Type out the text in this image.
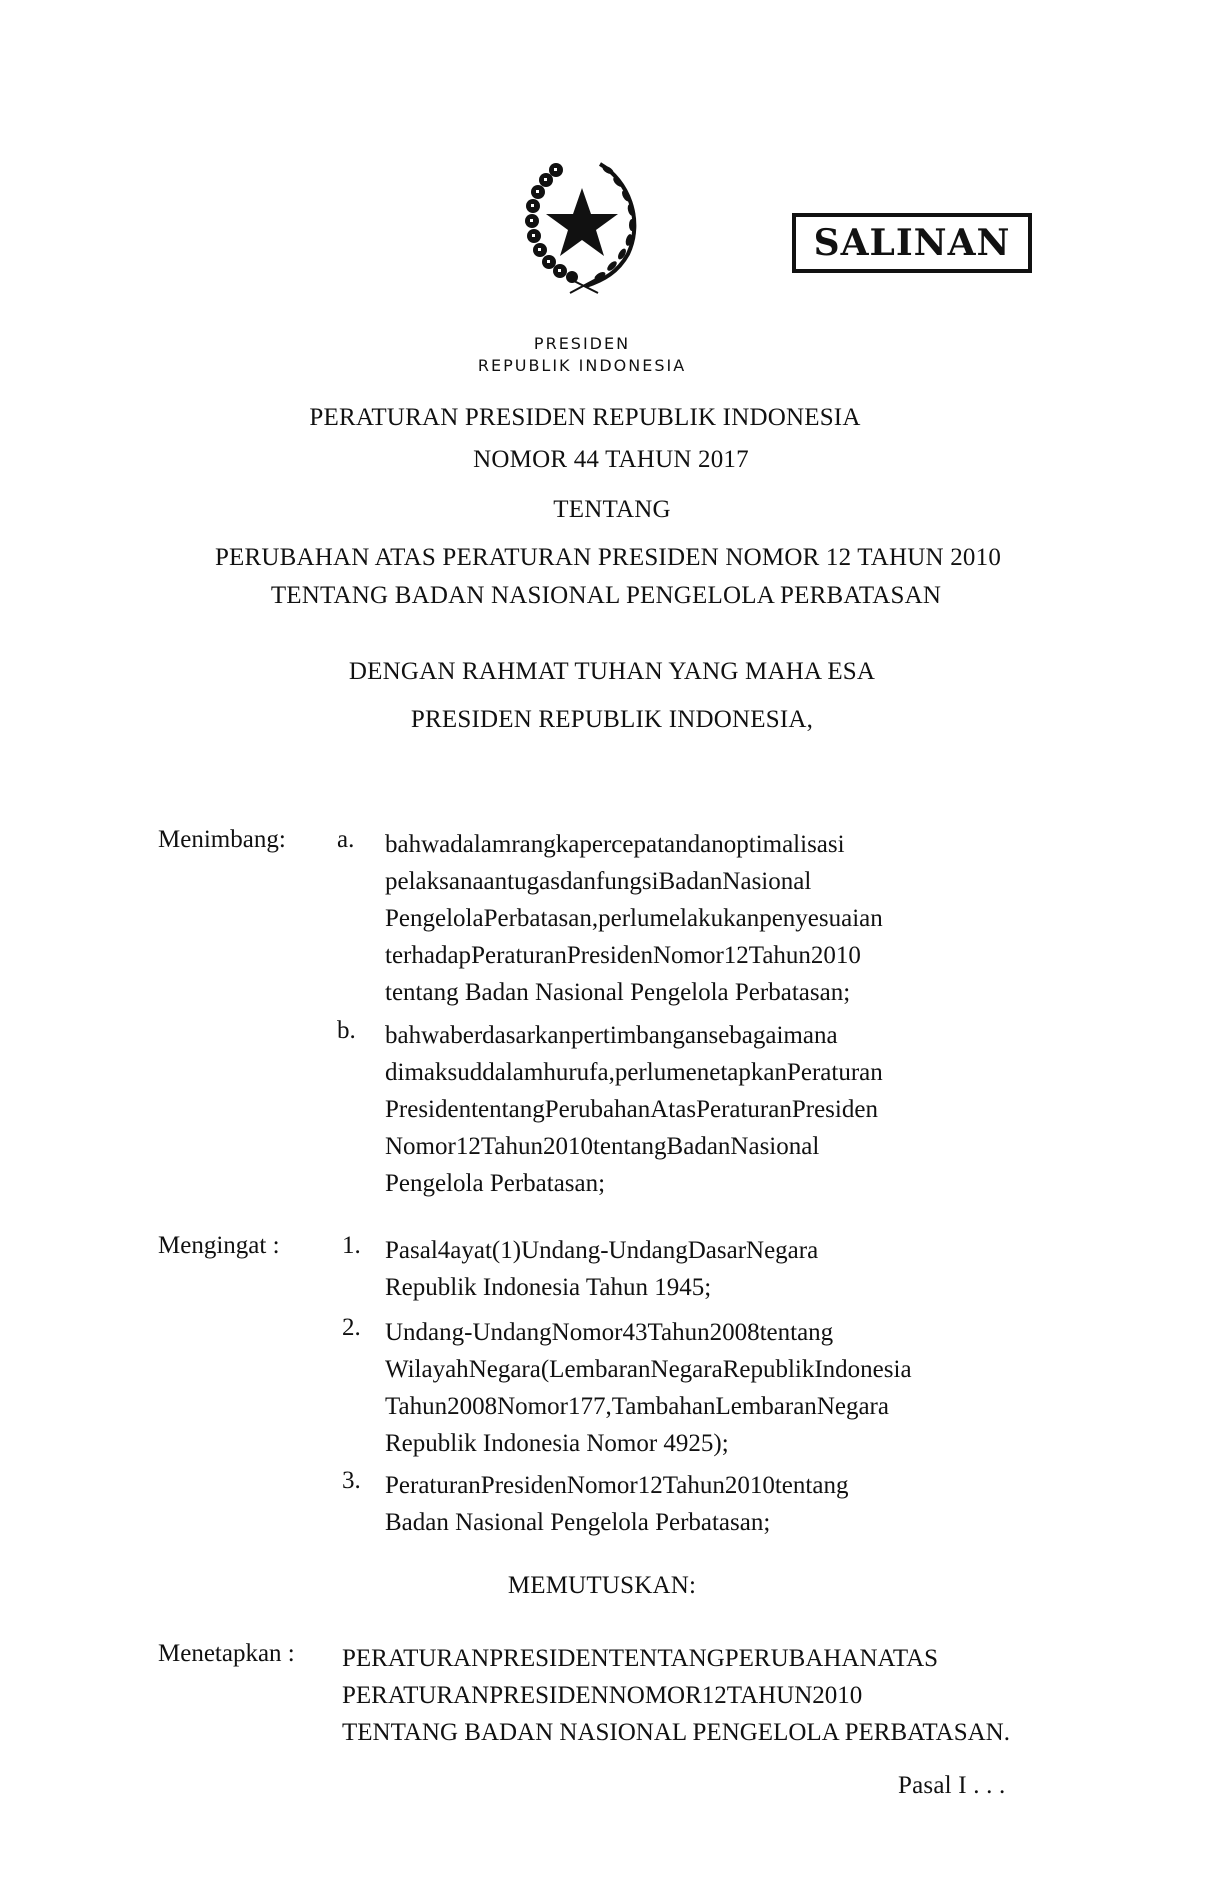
SALINAN
PRESIDEN
REPUBLIK INDONESIA
PERATURAN PRESIDEN REPUBLIK INDONESIA
NOMOR 44 TAHUN 2017
TENTANG
PERUBAHAN ATAS PERATURAN PRESIDEN NOMOR 12 TAHUN 2010
TENTANG BADAN NASIONAL PENGELOLA PERBATASAN
DENGAN RAHMAT TUHAN YANG MAHA ESA
PRESIDEN REPUBLIK INDONESIA,
Menimbang: a. bahwadalamrangkapercepatandanoptimalisasi
pelaksanaantugasdanfungsiBadanNasional
PengelolaPerbatasan,perlumelakukanpenyesuaian
terhadapPeraturanPresidenNomor12Tahun2010
tentang Badan Nasional Pengelola Perbatasan;
b. bahwaberdasarkanpertimbangansebagaimana
dimaksuddalamhurufa,perlumenetapkanPeraturan
PresidententangPerubahanAtasPeraturanPresiden
Nomor12Tahun2010tentangBadanNasional
Pengelola Perbatasan;
Mengingat : 1. Pasal4ayat(1)Undang-UndangDasarNegara
Republik Indonesia Tahun 1945;
2. Undang-UndangNomor43Tahun2008tentang
WilayahNegara(LembaranNegaraRepublikIndonesia
Tahun2008Nomor177,TambahanLembaranNegara
Republik Indonesia Nomor 4925);
3. PeraturanPresidenNomor12Tahun2010tentang
Badan Nasional Pengelola Perbatasan;
MEMUTUSKAN:
Menetapkan : PERATURANPRESIDENTENTANGPERUBAHANATAS
PERATURANPRESIDENNOMOR12TAHUN2010
TENTANG BADAN NASIONAL PENGELOLA PERBATASAN.
Pasal I . . .
